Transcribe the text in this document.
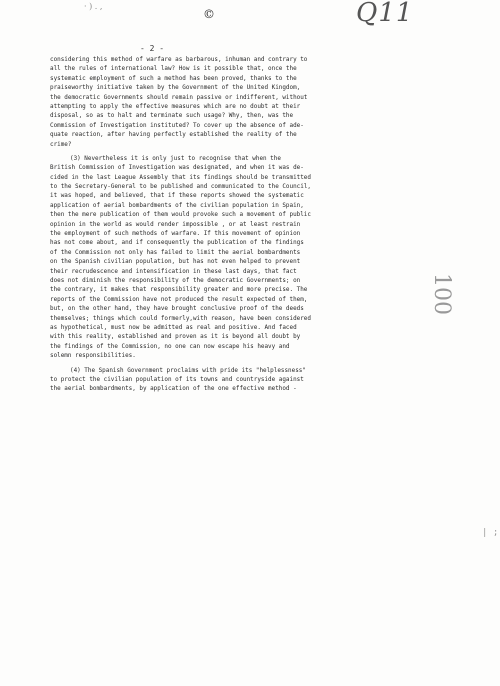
· ) . ,
©	Q11
- 2 -
100
considering this method of warfare as barbarous, inhuman and contrary to
all the rules of international law? How is it possible that, once the
systematic employment of such a method has been proved, thanks to the
praiseworthy initiative taken by the Government of the United Kingdom,
the democratic Governments should remain passive or indifferent, without
attempting to apply the effective measures which are no doubt at their
disposal, so as to halt and terminate such usage? Why, then, was the
Commission of Investigation instituted? To cover up the absence of ade-
quate reaction, after having perfectly established the reality of the
crime?
(3) Nevertheless it is only just to recognise that when the
British Commission of Investigation was designated, and when it was de-
cided in the last League Assembly that its findings should be transmitted
to the Secretary-General to be published and communicated to the Council,
it was hoped, and believed, that if these reports showed the systematic
application of aerial bombardments of the civilian population in Spain,
then the mere publication of them would provoke such a movement of public
opinion in the world as would render impossible , or at least restrain
the employment of such methods of warfare. If this movement of opinion
has not come about, and if consequently the publication of the findings
of the Commission not only has failed to limit the aerial bombardments
on the Spanish civilian population, but has not even helped to prevent
their recrudescence and intensification in these last days, that fact
does not diminish the responsibility of the democratic Governments; on
the contrary, it makes that responsibility greater and more precise. The
reports of the Commission have not produced the result expected of them,
but, on the other hand, they have brought conclusive proof of the deeds
themselves; things which could formerly,with reason, have been considered
as hypothetical, must now be admitted as real and positive. And faced
with this reality, established and proven as it is beyond all doubt by
the findings of the Commission, no one can now escape his heavy and
solemn responsibilities.
(4) The Spanish Government proclaims with pride its "helplessness"
to protect the civilian population of its towns and countryside against
the aerial bombardments, by application of the one effective method -
| ;
